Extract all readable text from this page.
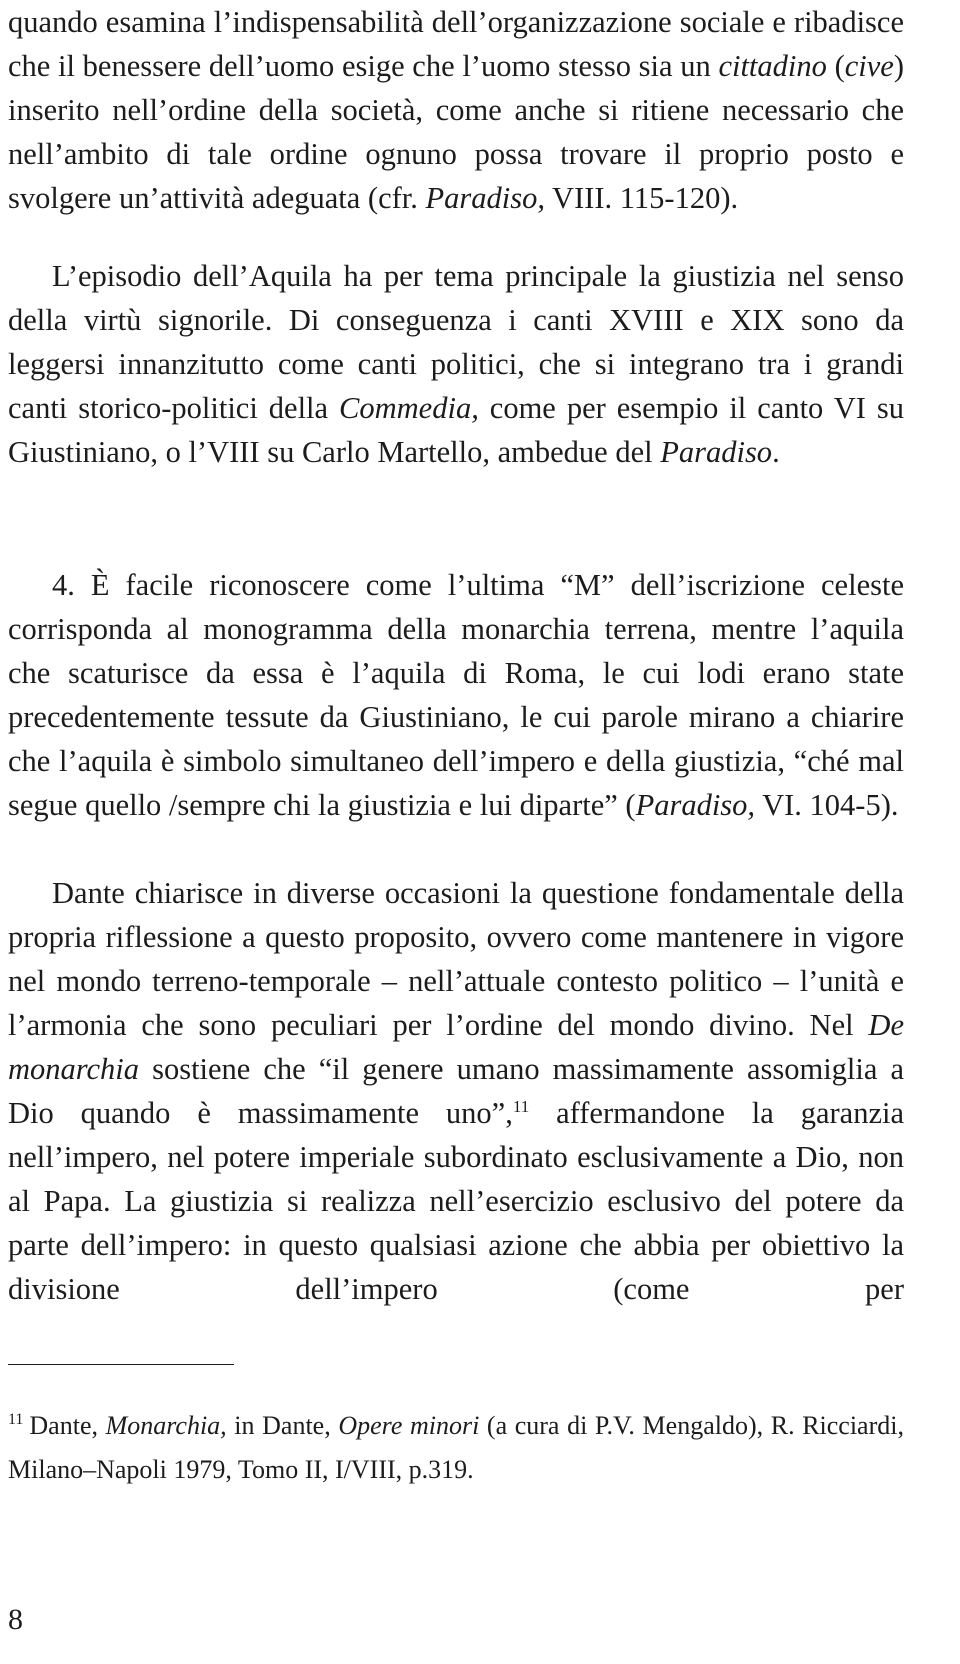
quando esamina l’indispensabilità dell’organizzazione sociale e ribadisce che il benessere dell’uomo esige che l’uomo stesso sia un cittadino (cive) inserito nell’ordine della società, come anche si ritiene necessario che nell’ambito di tale ordine ognuno possa trovare il proprio posto e svolgere un’attività adeguata (cfr. Paradiso, VIII. 115-120).

L’episodio dell’Aquila ha per tema principale la giustizia nel senso della virtù signorile. Di conseguenza i canti XVIII e XIX sono da leggersi innanzitutto come canti politici, che si integrano tra i grandi canti storico-politici della Commedia, come per esempio il canto VI su Giustiniano, o l’VIII su Carlo Martello, ambedue del Paradiso.

4. È facile riconoscere come l’ultima “M” dell’iscrizione celeste corrisponda al monogramma della monarchia terrena, mentre l’aquila che scaturisce da essa è l’aquila di Roma, le cui lodi erano state precedentemente tessute da Giustiniano, le cui parole mirano a chiarire che l’aquila è simbolo simultaneo dell’impero e della giustizia, “ché mal segue quello /sempre chi la giustizia e lui diparte” (Paradiso, VI. 104-5).

Dante chiarisce in diverse occasioni la questione fondamentale della propria riflessione a questo proposito, ovvero come mantenere in vigore nel mondo terreno-temporale – nell’attuale contesto politico – l’unità e l’armonia che sono peculiari per l’ordine del mondo divino. Nel De monarchia sostiene che “il genere umano massimamente assomiglia a Dio quando è massimamente uno”,$^{11}$ affermandone la garanzia nell’impero, nel potere imperiale subordinato esclusivamente a Dio, non al Papa. La giustizia si realizza nell’esercizio esclusivo del potere da parte dell’impero: in questo qualsiasi azione che abbia per obiettivo la divisione dell’impero (come per

$^{11}$ Dante, Monarchia, in Dante, Opere minori (a cura di P.V. Mengaldo), R. Ricciardi, Milano–Napoli 1979, Tomo II, I/VIII, p.319.

8
